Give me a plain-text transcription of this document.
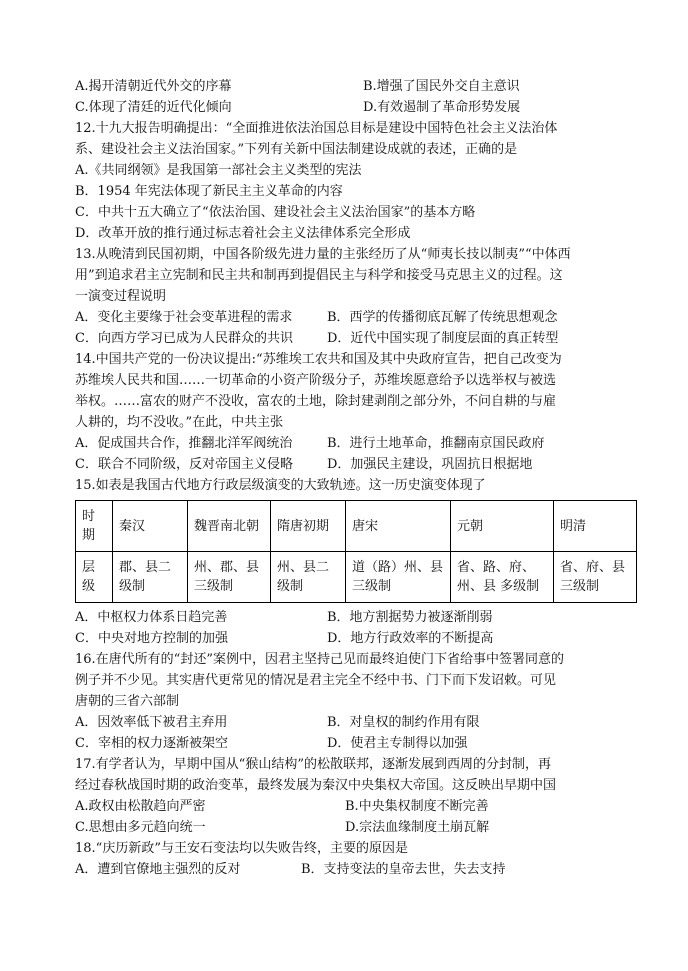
A.揭开清朝近代外交的序幕	B.增强了国民外交自主意识
C.体现了清廷的近代化倾向	D.有效遏制了革命形势发展
12.十九大报告明确提出：“全面推进依法治国总目标是建设中国特色社会主义法治体
系、建设社会主义法治国家。”下列有关新中国法制建设成就的表述，正确的是
A.《共同纲领》是我国第一部社会主义类型的宪法
B．1954 年宪法体现了新民主主义革命的内容
C．中共十五大确立了“依法治国、建设社会主义法治国家”的基本方略
D．改革开放的推行通过标志着社会主义法律体系完全形成
13.从晚清到民国初期，中国各阶级先进力量的主张经历了从“师夷长技以制夷”“中体西
用”到追求君主立宪制和民主共和制再到提倡民主与科学和接受马克思主义的过程。这
一演变过程说明
A．变化主要缘于社会变革进程的需求	B．西学的传播彻底瓦解了传统思想观念
C．向西方学习已成为人民群众的共识	D．近代中国实现了制度层面的真正转型
14.中国共产党的一份决议提出:“苏维埃工农共和国及其中央政府宣告，把自己改变为
苏维埃人民共和国……一切革命的小资产阶级分子，苏维埃愿意给予以选举权与被选
举权。……富农的财产不没收，富农的土地，除封建剥削之部分外，不问自耕的与雇
人耕的，均不没收。”在此，中共主张
A．促成国共合作，推翻北洋军阀统治	B．进行土地革命，推翻南京国民政府
C．联合不同阶级，反对帝国主义侵略	D．加强民主建设，巩固抗日根据地
15.如表是我国古代地方行政层级演变的大致轨迹。这一历史演变体现了
时期	秦汉	魏晋南北朝	隋唐初期	唐宋	元朝	明清
层级	郡、县二级制	州、郡、县三级制	州、县二级制	道（路）州、县 三级制	省、路、府、州、县 多级制	省、府、县三级制
A．中枢权力体系日趋完善	B．地方割据势力被逐渐削弱
C．中央对地方控制的加强	D．地方行政效率的不断提高
16.在唐代所有的“封还”案例中，因君主坚持己见而最终迫使门下省给事中签署同意的
例子并不少见。其实唐代更常见的情况是君主完全不经中书、门下而下发诏敕。可见
唐朝的三省六部制
A．因效率低下被君主弃用	B．对皇权的制约作用有限
C．宰相的权力逐渐被架空	D．使君主专制得以加强
17.有学者认为，早期中国从“猴山结构”的松散联邦，逐渐发展到西周的分封制，再
经过春秋战国时期的政治变革，最终发展为秦汉中央集权大帝国。这反映出早期中国
A.政权由松散趋向严密	B.中央集权制度不断完善
C.思想由多元趋向统一	D.宗法血缘制度土崩瓦解
18.“庆历新政”与王安石变法均以失败告终，主要的原因是
A．遭到官僚地主强烈的反对	B．支持变法的皇帝去世，失去支持
